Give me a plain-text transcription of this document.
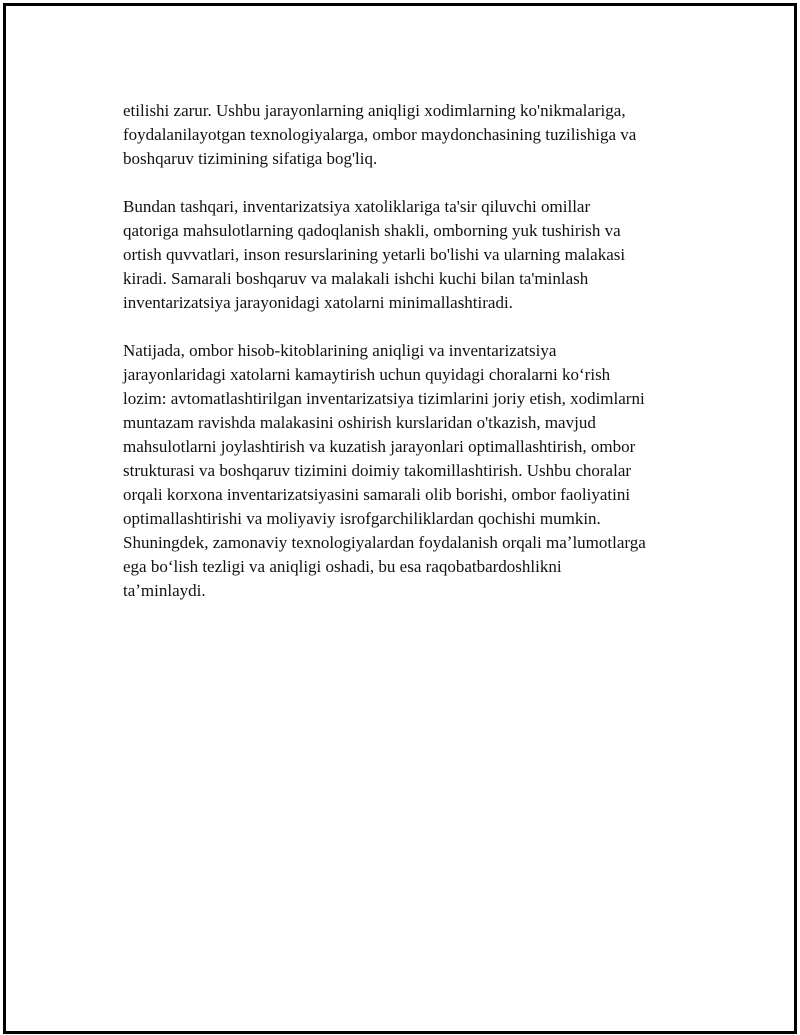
etilishi zarur. Ushbu jarayonlarning aniqligi xodimlarning ko'nikmalariga,
foydalanilayotgan texnologiyalarga, ombor maydonchasining tuzilishiga va
boshqaruv tizimining sifatiga bog'liq.

Bundan tashqari, inventarizatsiya xatoliklariga ta'sir qiluvchi omillar
qatoriga mahsulotlarning qadoqlanish shakli, omborning yuk tushirish va
ortish quvvatlari, inson resurslarining yetarli bo'lishi va ularning malakasi
kiradi. Samarali boshqaruv va malakali ishchi kuchi bilan ta'minlash
inventarizatsiya jarayonidagi xatolarni minimallashtiradi.

Natijada, ombor hisob-kitoblarining aniqligi va inventarizatsiya
jarayonlaridagi xatolarni kamaytirish uchun quyidagi choralarni koʻrish
lozim: avtomatlashtirilgan inventarizatsiya tizimlarini joriy etish, xodimlarni
muntazam ravishda malakasini oshirish kurslaridan o'tkazish, mavjud
mahsulotlarni joylashtirish va kuzatish jarayonlari optimallashtirish, ombor
strukturasi va boshqaruv tizimini doimiy takomillashtirish. Ushbu choralar
orqali korxona inventarizatsiyasini samarali olib borishi, ombor faoliyatini
optimallashtirishi va moliyaviy isrofgarchiliklardan qochishi mumkin.
Shuningdek, zamonaviy texnologiyalardan foydalanish orqali maʼlumotlarga
ega boʻlish tezligi va aniqligi oshadi, bu esa raqobatbardoshlikni
taʼminlaydi.
